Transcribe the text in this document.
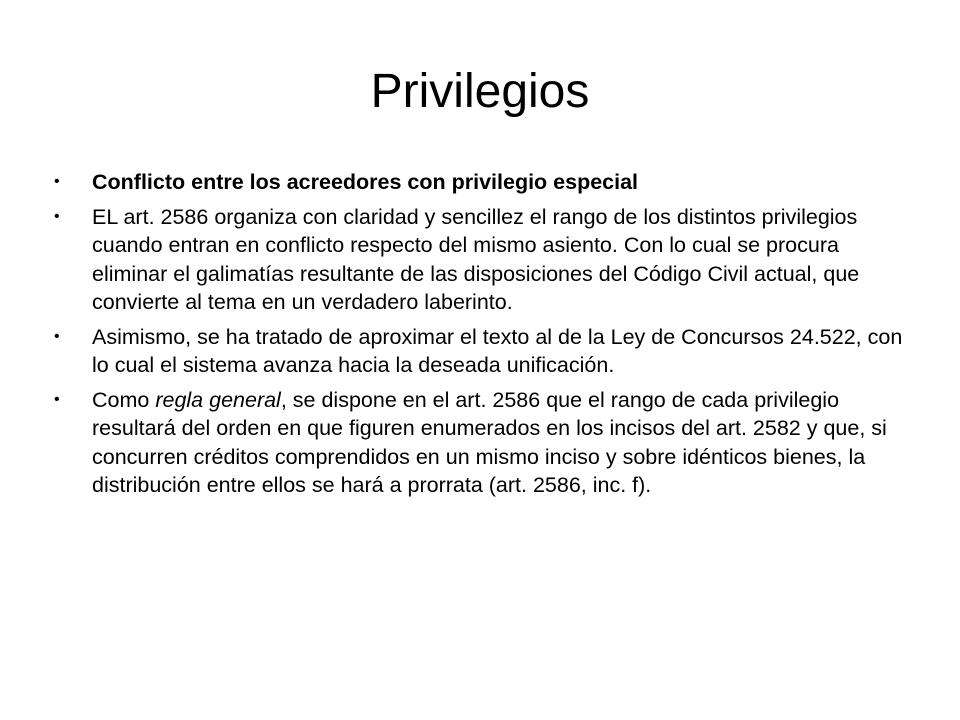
Privilegios
•	Conflicto entre los acreedores con privilegio especial
•	EL art. 2586 organiza con claridad y sencillez el rango de los distintos privilegios cuando entran en conflicto respecto del mismo asiento. Con lo cual se procura eliminar el galimatías resultante de las disposiciones del Código Civil actual, que convierte al tema en un verdadero laberinto.
•	Asimismo, se ha tratado de aproximar el texto al de la Ley de Concursos 24.522, con lo cual el sistema avanza hacia la deseada unificación.
•	Como regla general, se dispone en el art. 2586 que el rango de cada privilegio resultará del orden en que figuren enumerados en los incisos del art. 2582 y que, si concurren créditos comprendidos en un mismo inciso y sobre idénticos bienes, la distribución entre ellos se hará a prorrata (art. 2586, inc. f).
